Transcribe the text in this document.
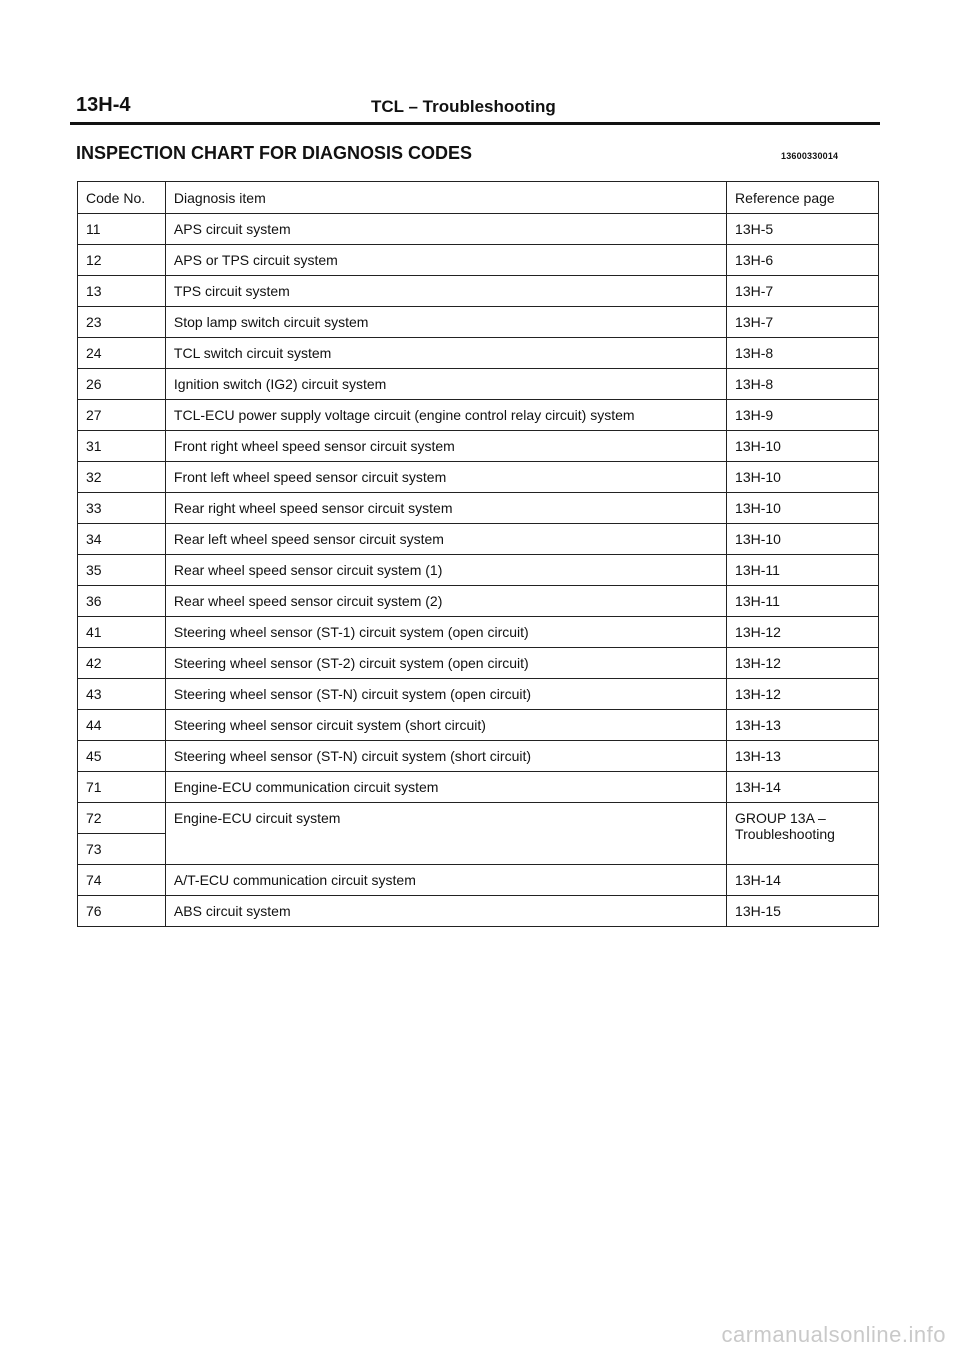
13H-4	TCL – Troubleshooting
INSPECTION CHART FOR DIAGNOSIS CODES	13600330014
Code No.	Diagnosis item	Reference page
11	APS circuit system	13H-5
12	APS or TPS circuit system	13H-6
13	TPS circuit system	13H-7
23	Stop lamp switch circuit system	13H-7
24	TCL switch circuit system	13H-8
26	Ignition switch (IG2) circuit system	13H-8
27	TCL-ECU power supply voltage circuit (engine control relay circuit) system	13H-9
31	Front right wheel speed sensor circuit system	13H-10
32	Front left wheel speed sensor circuit system	13H-10
33	Rear right wheel speed sensor circuit system	13H-10
34	Rear left wheel speed sensor circuit system	13H-10
35	Rear wheel speed sensor circuit system (1)	13H-11
36	Rear wheel speed sensor circuit system (2)	13H-11
41	Steering wheel sensor (ST-1) circuit system (open circuit)	13H-12
42	Steering wheel sensor (ST-2) circuit system (open circuit)	13H-12
43	Steering wheel sensor (ST-N) circuit system (open circuit)	13H-12
44	Steering wheel sensor circuit system (short circuit)	13H-13
45	Steering wheel sensor (ST-N) circuit system (short circuit)	13H-13
71	Engine-ECU communication circuit system	13H-14
72	Engine-ECU circuit system	GROUP 13A –
Troubleshooting

73		
74	A/T-ECU communication circuit system	13H-14
76	ABS circuit system	13H-15
carmanualsonline.info
